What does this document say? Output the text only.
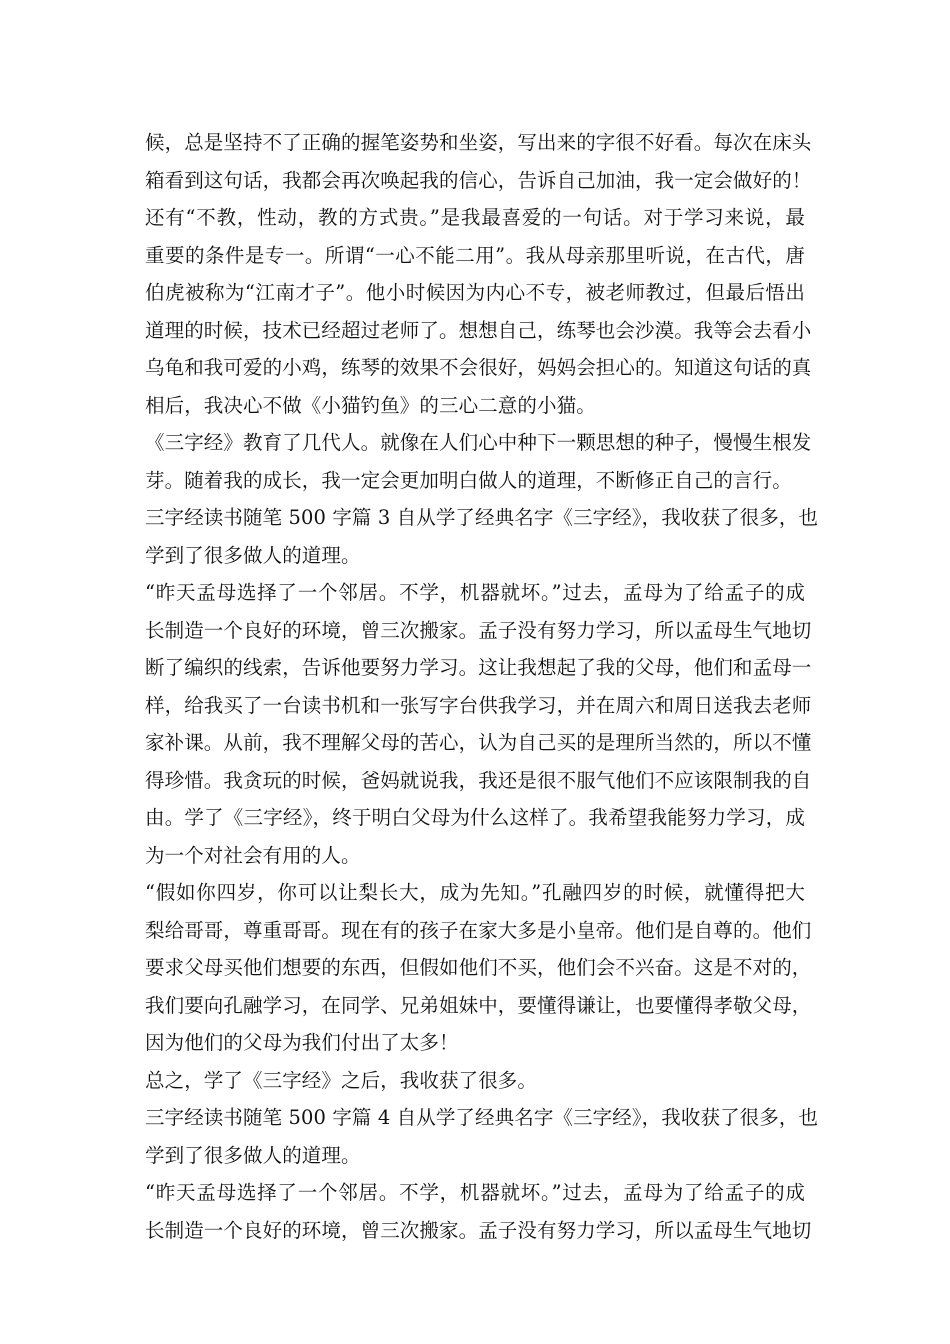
候，总是坚持不了正确的握笔姿势和坐姿，写出来的字很不好看。每次在床头
箱看到这句话，我都会再次唤起我的信心，告诉自己加油，我一定会做好的！
还有“不教，性动，教的方式贵。”是我最喜爱的一句话。对于学习来说，最
重要的条件是专一。所谓“一心不能二用”。我从母亲那里听说，在古代，唐
伯虎被称为“江南才子”。他小时候因为内心不专，被老师教过，但最后悟出
道理的时候，技术已经超过老师了。想想自己，练琴也会沙漠。我等会去看小
乌龟和我可爱的小鸡，练琴的效果不会很好，妈妈会担心的。知道这句话的真
相后，我决心不做《小猫钓鱼》的三心二意的小猫。
《三字经》教育了几代人。就像在人们心中种下一颗思想的种子，慢慢生根发
芽。随着我的成长，我一定会更加明白做人的道理，不断修正自己的言行。
三字经读书随笔 500 字篇 3 自从学了经典名字《三字经》，我收获了很多，也
学到了很多做人的道理。
“昨天孟母选择了一个邻居。不学，机器就坏。”过去，孟母为了给孟子的成
长制造一个良好的环境，曾三次搬家。孟子没有努力学习，所以孟母生气地切
断了编织的线索，告诉他要努力学习。这让我想起了我的父母，他们和孟母一
样，给我买了一台读书机和一张写字台供我学习，并在周六和周日送我去老师
家补课。从前，我不理解父母的苦心，认为自己买的是理所当然的，所以不懂
得珍惜。我贪玩的时候，爸妈就说我，我还是很不服气他们不应该限制我的自
由。学了《三字经》，终于明白父母为什么这样了。我希望我能努力学习，成
为一个对社会有用的人。
“假如你四岁，你可以让梨长大，成为先知。”孔融四岁的时候，就懂得把大
梨给哥哥，尊重哥哥。现在有的孩子在家大多是小皇帝。他们是自尊的。他们
要求父母买他们想要的东西，但假如他们不买，他们会不兴奋。这是不对的，
我们要向孔融学习，在同学、兄弟姐妹中，要懂得谦让，也要懂得孝敬父母，
因为他们的父母为我们付出了太多！
总之，学了《三字经》之后，我收获了很多。
三字经读书随笔 500 字篇 4 自从学了经典名字《三字经》，我收获了很多，也
学到了很多做人的道理。
“昨天孟母选择了一个邻居。不学，机器就坏。”过去，孟母为了给孟子的成
长制造一个良好的环境，曾三次搬家。孟子没有努力学习，所以孟母生气地切
